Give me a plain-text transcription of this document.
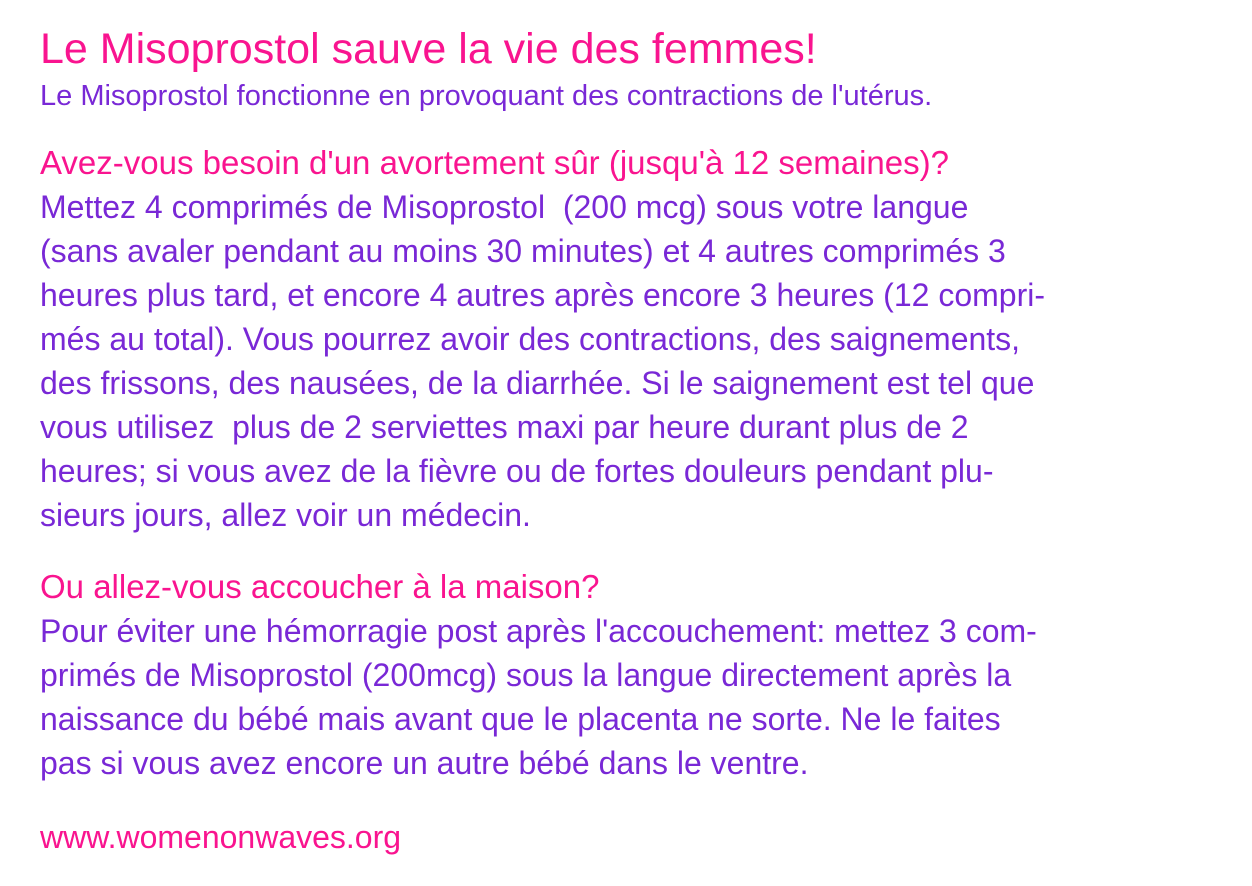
Le Misoprostol sauve la vie des femmes!
Le Misoprostol fonctionne en provoquant des contractions de l'utérus.
Avez-vous besoin d'un avortement sûr (jusqu'à 12 semaines)?
Mettez 4 comprimés de Misoprostol  (200 mcg) sous votre langue
(sans avaler pendant au moins 30 minutes) et 4 autres comprimés 3
heures plus tard, et encore 4 autres après encore 3 heures (12 compri-
més au total). Vous pourrez avoir des contractions, des saignements,
des frissons, des nausées, de la diarrhée. Si le saignement est tel que
vous utilisez  plus de 2 serviettes maxi par heure durant plus de 2
heures; si vous avez de la fièvre ou de fortes douleurs pendant plu-
sieurs jours, allez voir un médecin.
Ou allez-vous accoucher à la maison?
Pour éviter une hémorragie post après l'accouchement: mettez 3 com-
primés de Misoprostol (200mcg) sous la langue directement après la
naissance du bébé mais avant que le placenta ne sorte. Ne le faites
pas si vous avez encore un autre bébé dans le ventre.
www.womenonwaves.org
